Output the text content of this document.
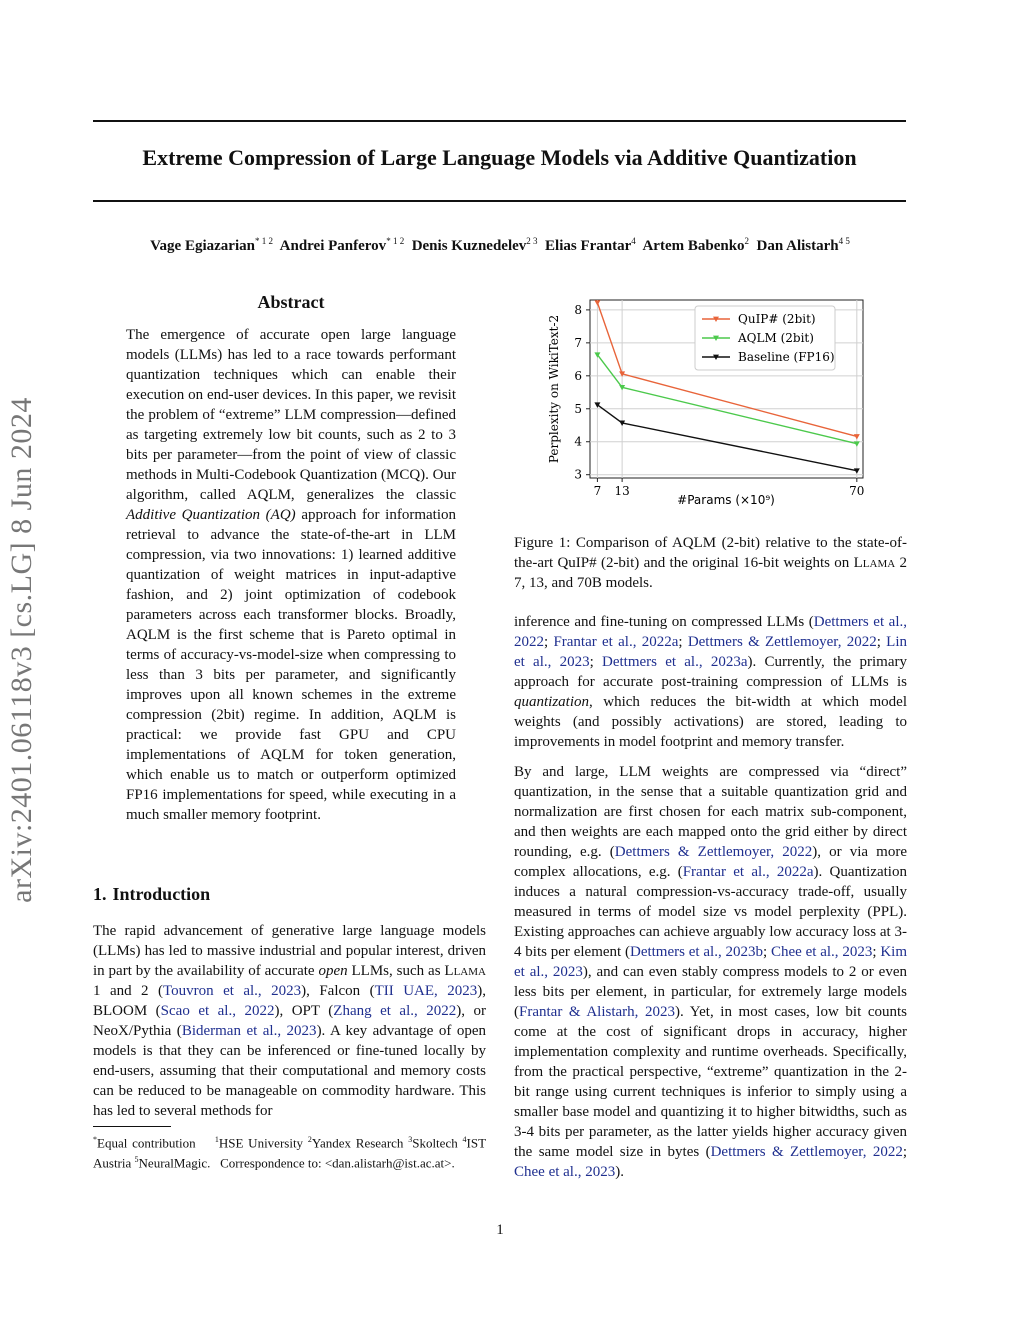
Extreme Compression of Large Language Models via Additive Quantization
Vage Egiazarian$^{* 1 2}$ Andrei Panferov$^{* 1 2}$ Denis Kuznedelev$^{2 3}$ Elias Frantar$^4$ Artem Babenko$^2$ Dan Alistarh$^{4 5}$
arXiv:2401.06118v3 [cs.LG] 8 Jun 2024
Abstract
The emergence of accurate open large language models (LLMs) has led to a race towards performant quantization techniques which can enable their execution on end-user devices. In this paper, we revisit the problem of “extreme” LLM compression—defined as targeting extremely low bit counts, such as 2 to 3 bits per parameter—from the point of view of classic methods in Multi-Codebook Quantization (MCQ). Our algorithm, called AQLM, generalizes the classic Additive Quantization (AQ) approach for information retrieval to advance the state-of-the-art in LLM compression, via two innovations: 1) learned additive quantization of weight matrices in input-adaptive fashion, and 2) joint optimization of codebook parameters across each transformer blocks. Broadly, AQLM is the first scheme that is Pareto optimal in terms of accuracy-vs-model-size when compressing to less than 3 bits per parameter, and significantly improves upon all known schemes in the extreme compression (2bit) regime. In addition, AQLM is practical: we provide fast GPU and CPU implementations of AQLM for token generation, which enable us to match or outperform optimized FP16 implementations for speed, while executing in a much smaller memory footprint.
1. Introduction
The rapid advancement of generative large language models (LLMs) has led to massive industrial and popular interest, driven in part by the availability of accurate open LLMs, such as Llama 1 and 2 (Touvron et al., 2023), Falcon (TII UAE, 2023), BLOOM (Scao et al., 2022), OPT (Zhang et al., 2022), or NeoX/Pythia (Biderman et al., 2023). A key advantage of open models is that they can be inferenced or fine-tuned locally by end-users, assuming that their computational and memory costs can be reduced to be manageable on commodity hardware. This has led to several methods for
*Equal contribution $^1$HSE University $^2$Yandex Research $^3$Skoltech $^4$IST Austria $^5$NeuralMagic. Correspondence to: <dan.alistarh@ist.ac.at>.
3
4
5
6
7
8
7 13	70
Perplexity on WikiText-2
#Params (×10⁹)
QuIP# (2bit)
AQLM (2bit)
Baseline (FP16)
Figure 1: Comparison of AQLM (2-bit) relative to the state-of-the-art QuIP# (2-bit) and the original 16-bit weights on Llama 2 7, 13, and 70B models.
inference and fine-tuning on compressed LLMs (Dettmers et al., 2022; Frantar et al., 2022a; Dettmers & Zettlemoyer, 2022; Lin et al., 2023; Dettmers et al., 2023a). Currently, the primary approach for accurate post-training compression of LLMs is quantization, which reduces the bit-width at which model weights (and possibly activations) are stored, leading to improvements in model footprint and memory transfer.
By and large, LLM weights are compressed via “direct” quantization, in the sense that a suitable quantization grid and normalization are first chosen for each matrix sub-component, and then weights are each mapped onto the grid either by direct rounding, e.g. (Dettmers & Zettlemoyer, 2022), or via more complex allocations, e.g. (Frantar et al., 2022a). Quantization induces a natural compression-vs-accuracy trade-off, usually measured in terms of model size vs model perplexity (PPL). Existing approaches can achieve arguably low accuracy loss at 3-4 bits per element (Dettmers et al., 2023b; Chee et al., 2023; Kim et al., 2023), and can even stably compress models to 2 or even less bits per element, in particular, for extremely large models (Frantar & Alistarh, 2023). Yet, in most cases, low bit counts come at the cost of significant drops in accuracy, higher implementation complexity and runtime overheads. Specifically, from the practical perspective, “extreme” quantization in the 2-bit range using current techniques is inferior to simply using a smaller base model and quantizing it to higher bitwidths, such as 3-4 bits per parameter, as the latter yields higher accuracy given the same model size in bytes (Dettmers & Zettlemoyer, 2022; Chee et al., 2023).
1
